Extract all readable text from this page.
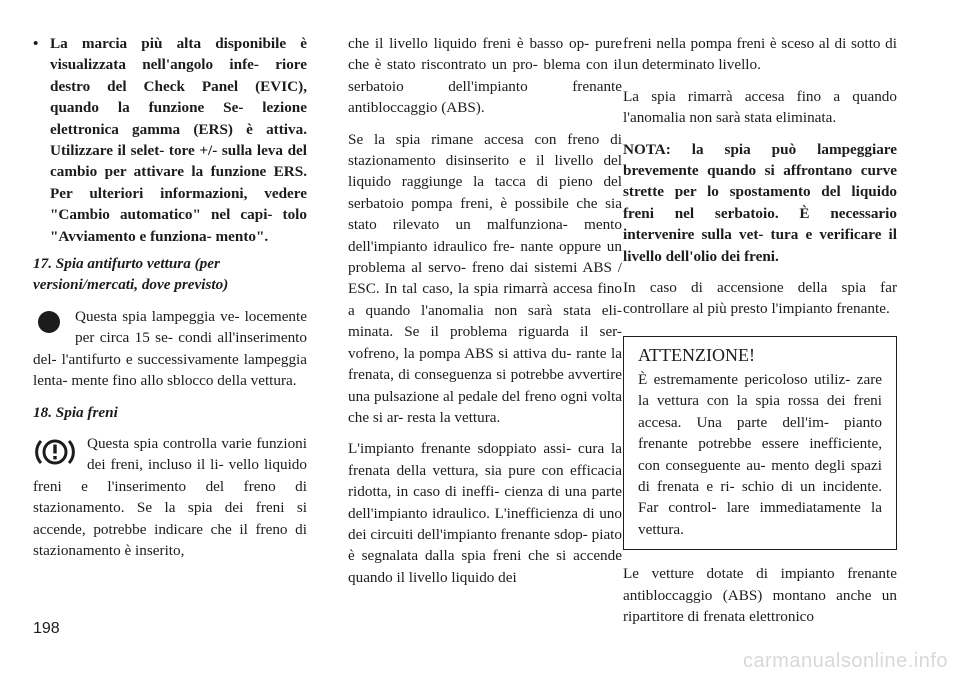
• La marcia più alta disponibile è visualizzata nell'angolo infe- riore destro del Check Panel (EVIC), quando la funzione Se- lezione elettronica gamma (ERS) è attiva. Utilizzare il selet- tore +/- sulla leva del cambio per attivare la funzione ERS. Per ulteriori informazioni, vedere "Cambio automatico" nel capi- tolo "Avviamento e funziona- mento".

17. Spia antifurto vettura (per versioni/mercati, dove previsto)

Questa spia lampeggia ve- locemente per circa 15 se- condi all'inserimento del- l'antifurto e successivamente lampeggia lenta- mente fino allo sblocco della vettura.

18. Spia freni

Questa spia controlla varie funzioni dei freni, incluso il li- vello liquido freni e l'inserimento del freno di stazionamento. Se la spia dei freni si accende, potrebbe indicare che il freno di stazionamento è inserito,

che il livello liquido freni è basso op- pure che è stato riscontrato un pro- blema con il serbatoio dell'impianto frenante antibloccaggio (ABS).

Se la spia rimane accesa con freno di stazionamento disinserito e il livello del liquido raggiunge la tacca di pieno del serbatoio pompa freni, è possibile che sia stato rilevato un malfunziona- mento dell'impianto idraulico fre- nante oppure un problema al servo- freno dai sistemi ABS / ESC. In tal caso, la spia rimarrà accesa fino a quando l'anomalia non sarà stata eli- minata. Se il problema riguarda il ser- vofreno, la pompa ABS si attiva du- rante la frenata, di conseguenza si potrebbe avvertire una pulsazione al pedale del freno ogni volta che si ar- resta la vettura.

L'impianto frenante sdoppiato assi- cura la frenata della vettura, sia pure con efficacia ridotta, in caso di ineffi- cienza di una parte dell'impianto idraulico. L'inefficienza di uno dei circuiti dell'impianto frenante sdop- piato è segnalata dalla spia freni che si accende quando il livello liquido dei

freni nella pompa freni è sceso al di sotto di un determinato livello.

La spia rimarrà accesa fino a quando l'anomalia non sarà stata eliminata.

NOTA: la spia può lampeggiare brevemente quando si affrontano curve strette per lo spostamento del liquido freni nel serbatoio. È necessario intervenire sulla vet- tura e verificare il livello dell'olio dei freni.

In caso di accensione della spia far controllare al più presto l'impianto frenante.

ATTENZIONE!
È estremamente pericoloso utiliz- zare la vettura con la spia rossa dei freni accesa. Una parte dell'im- pianto frenante potrebbe essere inefficiente, con conseguente au- mento degli spazi di frenata e ri- schio di un incidente. Far control- lare immediatamente la vettura.

Le vetture dotate di impianto frenante antibloccaggio (ABS) montano anche un ripartitore di frenata elettronico

198
carmanualsonline.info
